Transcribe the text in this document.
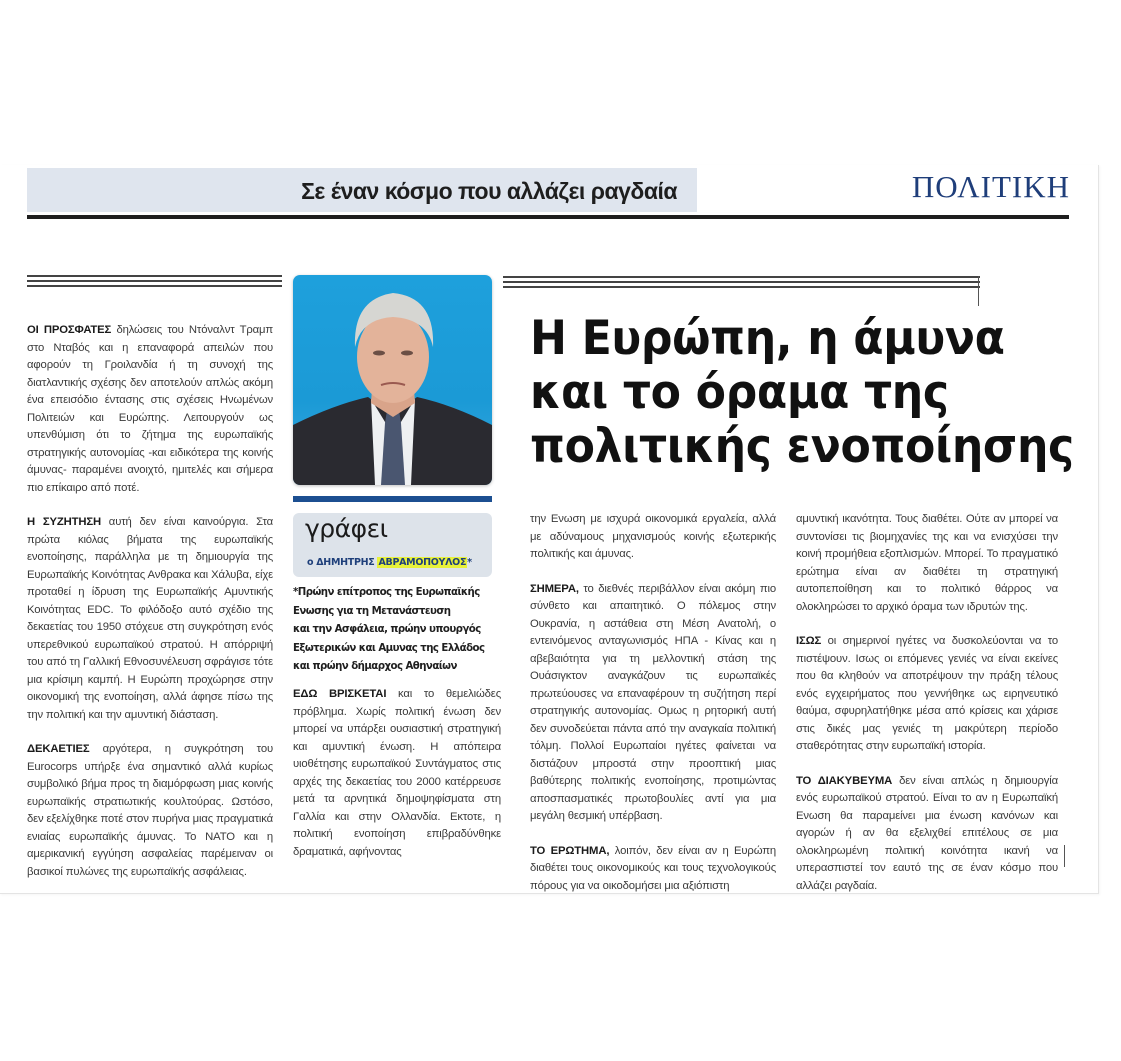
Σε έναν κόσμο που αλλάζει ραγδαία	ΠΟΛΙΤΙΚΗ
γράφει
ο ΔΗΜΗΤΡΗΣ ΑΒΡΑΜΟΠΟΥΛΟΣ*
*Πρώην επίτροπος της Ευρωπαϊκής
Ενωσης για τη Μετανάστευση
και την Ασφάλεια, πρώην υπουργός
Εξωτερικών και Αμυνας της Ελλάδος
και πρώην δήμαρχος Αθηναίων
Η Ευρώπη, η άμυνα
και το όραμα της
πολιτικής ενοποίησης

ΟΙ ΠΡΟΣΦΑΤΕΣ δηλώσεις του Ντόναλντ Τραμπ στο Νταβός και η επαναφορά απειλών που αφορούν τη Γροιλανδία ή τη συνοχή της διατλαντικής σχέσης δεν αποτελούν απλώς ακόμη ένα επεισόδιο έντασης στις σχέσεις Ηνωμένων Πολιτειών και Ευρώπης. Λειτουργούν ως υπενθύμιση ότι το ζήτημα της ευρωπαϊκής στρατηγικής αυτονομίας -και ειδικότερα της κοινής άμυνας- παραμένει ανοιχτό, ημιτελές και σήμερα πιο επίκαιρο από ποτέ.

Η ΣΥΖΗΤΗΣΗ αυτή δεν είναι καινούργια. Στα πρώτα κιόλας βήματα της ευρωπαϊκής ενοποίησης, παράλληλα με τη δημιουργία της Ευρωπαϊκής Κοινότητας Ανθρακα και Χάλυβα, είχε προταθεί η ίδρυση της Ευρωπαϊκής Αμυντικής Κοινότητας EDC. Το φιλόδοξο αυτό σχέδιο της δεκαετίας του 1950 στόχευε στη συγκρότηση ενός υπερεθνικού ευρωπαϊκού στρατού. Η απόρριψή του από τη Γαλλική Εθνοσυνέλευση σφράγισε τότε μια κρίσιμη καμπή. Η Ευρώπη προχώρησε στην οικονομική της ενοποίηση, αλλά άφησε πίσω της την πολιτική και την αμυντική διάσταση.

ΔΕΚΑΕΤΙΕΣ αργότερα, η συγκρότηση του Eurocorps υπήρξε ένα σημαντικό αλλά κυρίως συμβολικό βήμα προς τη διαμόρφωση μιας κοινής ευρωπαϊκής στρατιωτικής κουλτούρας. Ωστόσο, δεν εξελίχθηκε ποτέ στον πυρήνα μιας πραγματικά ενιαίας ευρωπαϊκής άμυνας. Το ΝΑΤΟ και η αμερικανική εγγύηση ασφαλείας παρέμειναν οι βασικοί πυλώνες της ευρωπαϊκής ασφάλειας.

ΕΔΩ ΒΡΙΣΚΕΤΑΙ και το θεμελιώδες πρόβλημα. Χωρίς πολιτική ένωση δεν μπορεί να υπάρξει ουσιαστική στρατηγική και αμυντική ένωση. Η απόπειρα υιοθέτησης ευρωπαϊκού Συντάγματος στις αρχές της δεκαετίας του 2000 κατέρρευσε μετά τα αρνητικά δημοψηφίσματα στη Γαλλία και στην Ολλανδία. Εκτοτε, η πολιτική ενοποίηση επιβραδύνθηκε δραματικά, αφήνοντας

την Ενωση με ισχυρά οικονομικά εργαλεία, αλλά με αδύναμους μηχανισμούς κοινής εξωτερικής πολιτικής και άμυνας.

ΣΗΜΕΡΑ, το διεθνές περιβάλλον είναι ακόμη πιο σύνθετο και απαιτητικό. Ο πόλεμος στην Ουκρανία, η αστάθεια στη Μέση Ανατολή, ο εντεινόμενος ανταγωνισμός ΗΠΑ - Κίνας και η αβεβαιότητα για τη μελλοντική στάση της Ουάσιγκτον αναγκάζουν τις ευρωπαϊκές πρωτεύουσες να επαναφέρουν τη συζήτηση περί στρατηγικής αυτονομίας. Ομως η ρητορική αυτή δεν συνοδεύεται πάντα από την αναγκαία πολιτική τόλμη. Πολλοί Ευρωπαίοι ηγέτες φαίνεται να διστάζουν μπροστά στην προοπτική μιας βαθύτερης πολιτικής ενοποίησης, προτιμώντας αποσπασματικές πρωτοβουλίες αντί για μια μεγάλη θεσμική υπέρβαση.

ΤΟ ΕΡΩΤΗΜΑ, λοιπόν, δεν είναι αν η Ευρώπη διαθέτει τους οικονομικούς και τους τεχνολογικούς πόρους για να οικοδομήσει μια αξιόπιστη

αμυντική ικανότητα. Τους διαθέτει. Ούτε αν μπορεί να συντονίσει τις βιομηχανίες της και να ενισχύσει την κοινή προμήθεια εξοπλισμών. Μπορεί. Το πραγματικό ερώτημα είναι αν διαθέτει τη στρατηγική αυτοπεποίθηση και το πολιτικό θάρρος να ολοκληρώσει το αρχικό όραμα των ιδρυτών της.

ΙΣΩΣ οι σημερινοί ηγέτες να δυσκολεύονται να το πιστέψουν. Ισως οι επόμενες γενιές να είναι εκείνες που θα κληθούν να αποτρέψουν την πράξη τέλους ενός εγχειρήματος που γεννήθηκε ως ειρηνευτικό θαύμα, σφυρηλατήθηκε μέσα από κρίσεις και χάρισε στις δικές μας γενιές τη μακρύτερη περίοδο σταθερότητας στην ευρωπαϊκή ιστορία.

ΤΟ ΔΙΑΚΥΒΕΥΜΑ δεν είναι απλώς η δημιουργία ενός ευρωπαϊκού στρατού. Είναι το αν η Ευρωπαϊκή Ενωση θα παραμείνει μια ένωση κανόνων και αγορών ή αν θα εξελιχθεί επιτέλους σε μια ολοκληρωμένη πολιτική κοινότητα ικανή να υπερασπιστεί τον εαυτό της σε έναν κόσμο που αλλάζει ραγδαία.
